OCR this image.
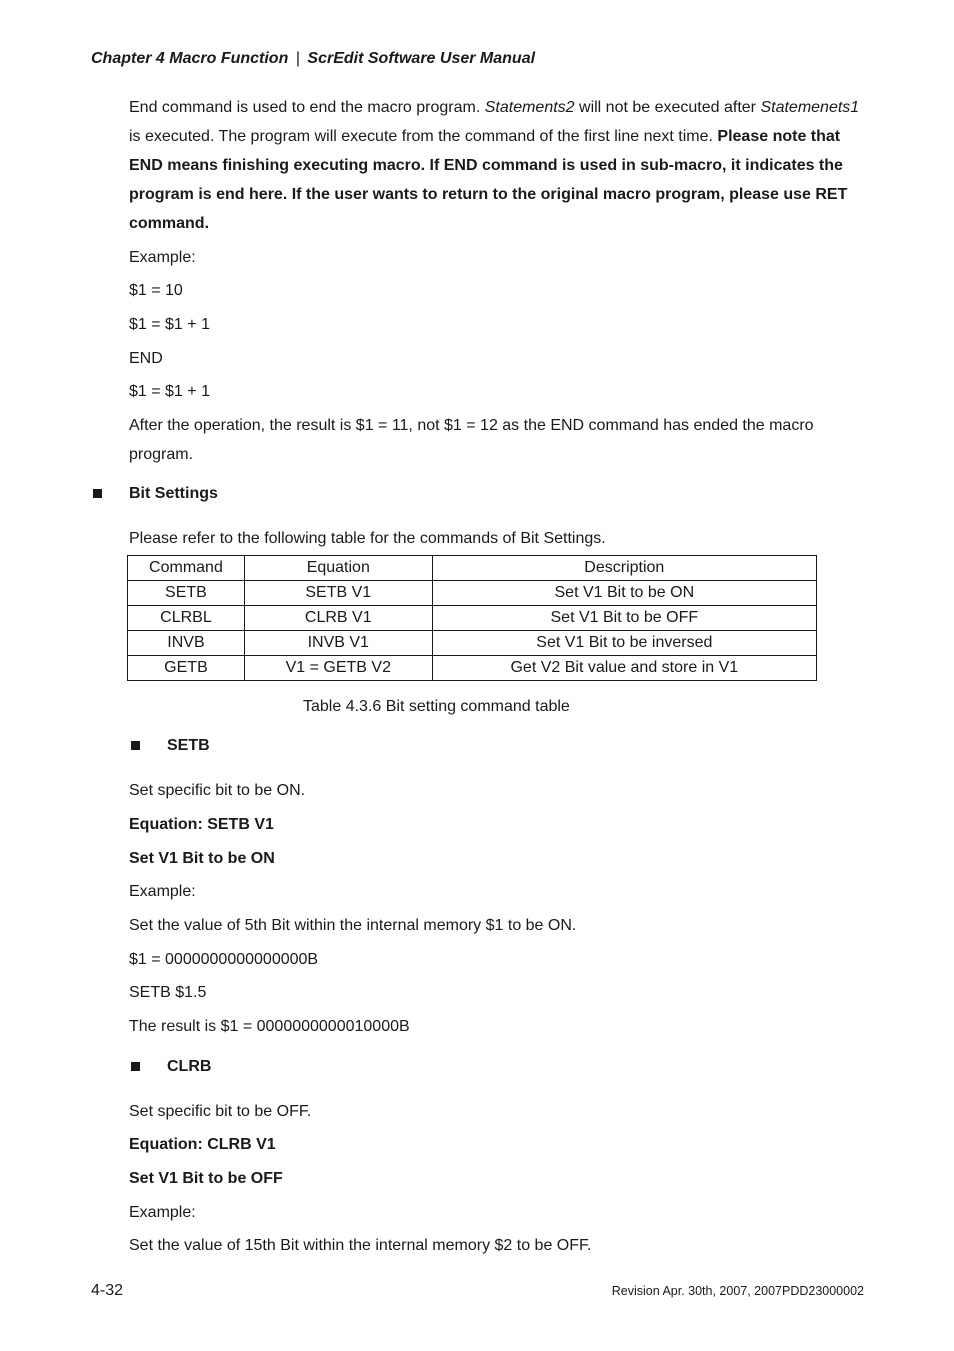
Chapter 4 Macro Function | ScrEdit Software User Manual
End command is used to end the macro program. Statements2 will not be executed after Statemenets1 is executed. The program will execute from the command of the first line next time. Please note that END means finishing executing macro. If END command is used in sub-macro, it indicates the program is end here. If the user wants to return to the original macro program, please use RET command.
Example:
$1 = 10
$1 = $1 + 1
END
$1 = $1 + 1
After the operation, the result is $1 = 11, not $1 = 12 as the END command has ended the macro program.
Bit Settings
Please refer to the following table for the commands of Bit Settings.
Command	Equation	Description
SETB	SETB V1	Set V1 Bit to be ON
CLRBL	CLRB V1	Set V1 Bit to be OFF
INVB	INVB V1	Set V1 Bit to be inversed
GETB	V1 = GETB V2	Get V2 Bit value and store in V1
Table 4.3.6 Bit setting command table
SETB
Set specific bit to be ON.
Equation: SETB V1
Set V1 Bit to be ON
Example:
Set the value of 5th Bit within the internal memory $1 to be ON.
$1 = 0000000000000000B
SETB $1.5
The result is $1 = 0000000000010000B
CLRB
Set specific bit to be OFF.
Equation: CLRB V1
Set V1 Bit to be OFF
Example:
Set the value of 15th Bit within the internal memory $2 to be OFF.
4-32	Revision Apr. 30th, 2007, 2007PDD23000002
